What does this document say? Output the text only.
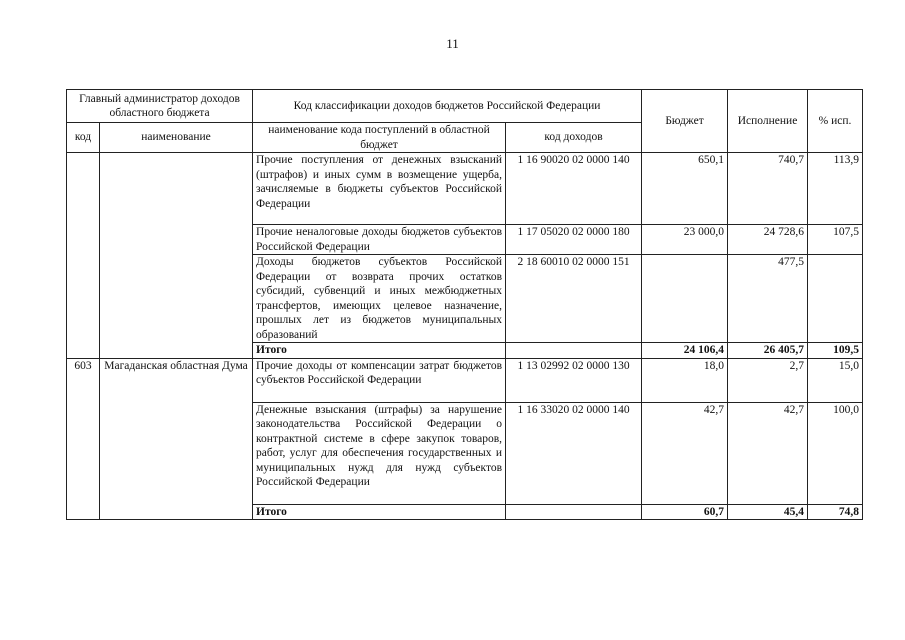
11
Главный администратор доходов областного бюджета		Код классификации доходов бюджетов Российской Федерации		Бюджет	Исполнение	% исп.
код	наименование	наименование кода поступлений в областной бюджет	код доходов			
		Прочие поступления от денежных взысканий (штрафов) и иных сумм в возмещение ущерба, зачисляемые в бюджеты субъектов Российской Федерации	1 16 90020 02 0000 140	650,1	740,7	113,9
		Прочие неналоговые доходы бюджетов субъектов Российской Федерации	1 17 05020 02 0000 180	23 000,0	24 728,6	107,5
		Доходы бюджетов субъектов Российской Федерации от возврата прочих остатков субсидий, субвенций и иных межбюджетных трансфертов, имеющих целевое назначение, прошлых лет из бюджетов муниципальных образований	2 18 60010 02 0000 151		477,5	
		Итого		24 106,4	26 405,7	109,5
603	Магаданская областная Дума	Прочие доходы от компенсации затрат бюджетов субъектов Российской Федерации	1 13 02992 02 0000 130	18,0	2,7	15,0
		Денежные взыскания (штрафы) за нарушение законодательства Российской Федерации о контрактной системе в сфере закупок товаров, работ, услуг для обеспечения государственных и муниципальных нужд для нужд субъектов Российской Федерации	1 16 33020 02 0000 140	42,7	42,7	100,0
		Итого		60,7	45,4	74,8
